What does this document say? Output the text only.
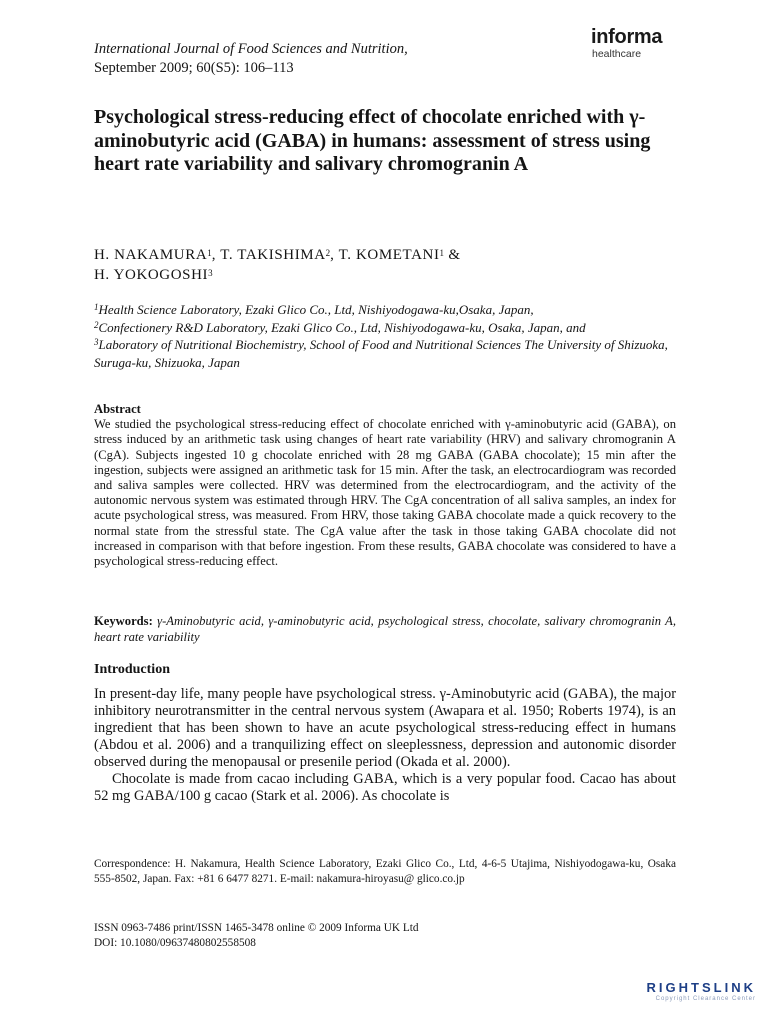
International Journal of Food Sciences and Nutrition,
September 2009; 60(S5): 106–113
informa
healthcare
Psychological stress-reducing effect of chocolate enriched with γ-aminobutyric acid (GABA) in humans: assessment of stress using heart rate variability and salivary chromogranin A
H. NAKAMURA$^1$, T. TAKISHIMA$^2$, T. KOMETANI$^1$ &
H. YOKOGOSHI$^3$
$^1$Health Science Laboratory, Ezaki Glico Co., Ltd, Nishiyodogawa-ku,Osaka, Japan,
$^2$Confectionery R&D Laboratory, Ezaki Glico Co., Ltd, Nishiyodogawa-ku, Osaka, Japan, and
$^3$Laboratory of Nutritional Biochemistry, School of Food and Nutritional Sciences The University of Shizuoka, Suruga-ku, Shizuoka, Japan
Abstract
We studied the psychological stress-reducing effect of chocolate enriched with γ-aminobutyric acid (GABA), on stress induced by an arithmetic task using changes of heart rate variability (HRV) and salivary chromogranin A (CgA). Subjects ingested 10 g chocolate enriched with 28 mg GABA (GABA chocolate); 15 min after the ingestion, subjects were assigned an arithmetic task for 15 min. After the task, an electrocardiogram was recorded and saliva samples were collected. HRV was determined from the electrocardiogram, and the activity of the autonomic nervous system was estimated through HRV. The CgA concentration of all saliva samples, an index for acute psychological stress, was measured. From HRV, those taking GABA chocolate made a quick recovery to the normal state from the stressful state. The CgA value after the task in those taking GABA chocolate did not increased in comparison with that before ingestion. From these results, GABA chocolate was considered to have a psychological stress-reducing effect.
Keywords: γ-Aminobutyric acid, γ-aminobutyric acid, psychological stress, chocolate, salivary chromogranin A, heart rate variability
Introduction

In present-day life, many people have psychological stress. γ-Aminobutyric acid (GABA), the major inhibitory neurotransmitter in the central nervous system (Awapara et al. 1950; Roberts 1974), is an ingredient that has been shown to have an acute psychological stress-reducing effect in humans (Abdou et al. 2006) and a tranquilizing effect on sleeplessness, depression and autonomic disorder observed during the menopausal or presenile period (Okada et al. 2000).

Chocolate is made from cacao including GABA, which is a very popular food. Cacao has about 52 mg GABA/100 g cacao (Stark et al. 2006). As chocolate is

Correspondence: H. Nakamura, Health Science Laboratory, Ezaki Glico Co., Ltd, 4-6-5 Utajima, Nishiyodogawa-ku, Osaka 555-8502, Japan. Fax: +81 6 6477 8271. E-mail: nakamura-hiroyasu@ glico.co.jp
ISSN 0963-7486 print/ISSN 1465-3478 online © 2009 Informa UK Ltd
DOI: 10.1080/09637480802558508
RIGHTSLINK
Copyright Clearance Center
